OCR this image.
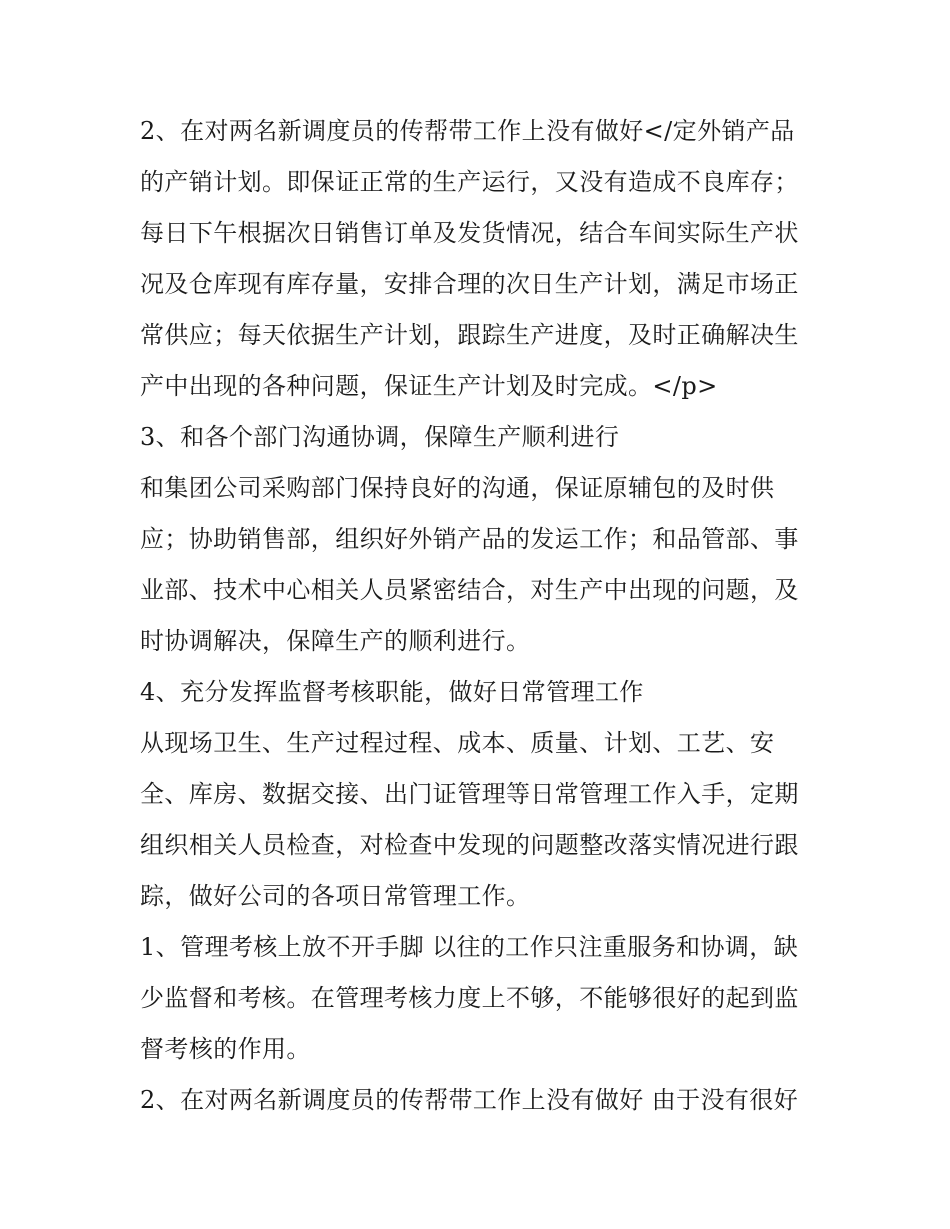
2、在对两名新调度员的传帮带工作上没有做好</定外销产品
的产销计划。即保证正常的生产运行，又没有造成不良库存；
每日下午根据次日销售订单及发货情况，结合车间实际生产状
况及仓库现有库存量，安排合理的次日生产计划，满足市场正
常供应；每天依据生产计划，跟踪生产进度，及时正确解决生
产中出现的各种问题，保证生产计划及时完成。</p>
3、和各个部门沟通协调，保障生产顺利进行
和集团公司采购部门保持良好的沟通，保证原辅包的及时供
应；协助销售部，组织好外销产品的发运工作；和品管部、事
业部、技术中心相关人员紧密结合，对生产中出现的问题，及
时协调解决，保障生产的顺利进行。
4、充分发挥监督考核职能，做好日常管理工作
从现场卫生、生产过程过程、成本、质量、计划、工艺、安
全、库房、数据交接、出门证管理等日常管理工作入手，定期
组织相关人员检查，对检查中发现的问题整改落实情况进行跟
踪，做好公司的各项日常管理工作。
1、管理考核上放不开手脚 以往的工作只注重服务和协调，缺
少监督和考核。在管理考核力度上不够，不能够很好的起到监
督考核的作用。
2、在对两名新调度员的传帮带工作上没有做好 由于没有很好
